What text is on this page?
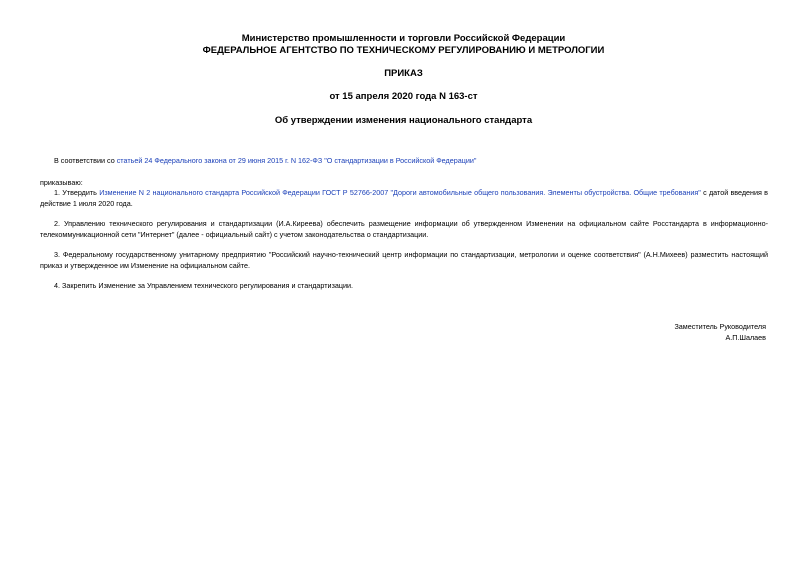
Министерство промышленности и торговли Российской Федерации
ФЕДЕРАЛЬНОЕ АГЕНТСТВО ПО ТЕХНИЧЕСКОМУ РЕГУЛИРОВАНИЮ И МЕТРОЛОГИИ
ПРИКАЗ
от 15 апреля 2020 года N 163-ст
Об утверждении изменения национального стандарта
В соответствии со статьей 24 Федерального закона от 29 июня 2015 г. N 162-ФЗ "О стандартизации в Российской Федерации"
приказываю:
1. Утвердить Изменение N 2 национального стандарта Российской Федерации ГОСТ Р 52766-2007 "Дороги автомобильные общего пользования. Элементы обустройства. Общие требования" с датой введения в действие 1 июля 2020 года.
2. Управлению технического регулирования и стандартизации (И.А.Киреева) обеспечить размещение информации об утвержденном Изменении на официальном сайте Росстандарта в информационно-телекоммуникационной сети "Интернет" (далее - официальный сайт) с учетом законодательства о стандартизации.
3. Федеральному государственному унитарному предприятию "Российский научно-технический центр информации по стандартизации, метрологии и оценке соответствия" (А.Н.Михеев) разместить настоящий приказ и утвержденное им Изменение на официальном сайте.
4. Закрепить Изменение за Управлением технического регулирования и стандартизации.
Заместитель Руководителя
А.П.Шалаев
